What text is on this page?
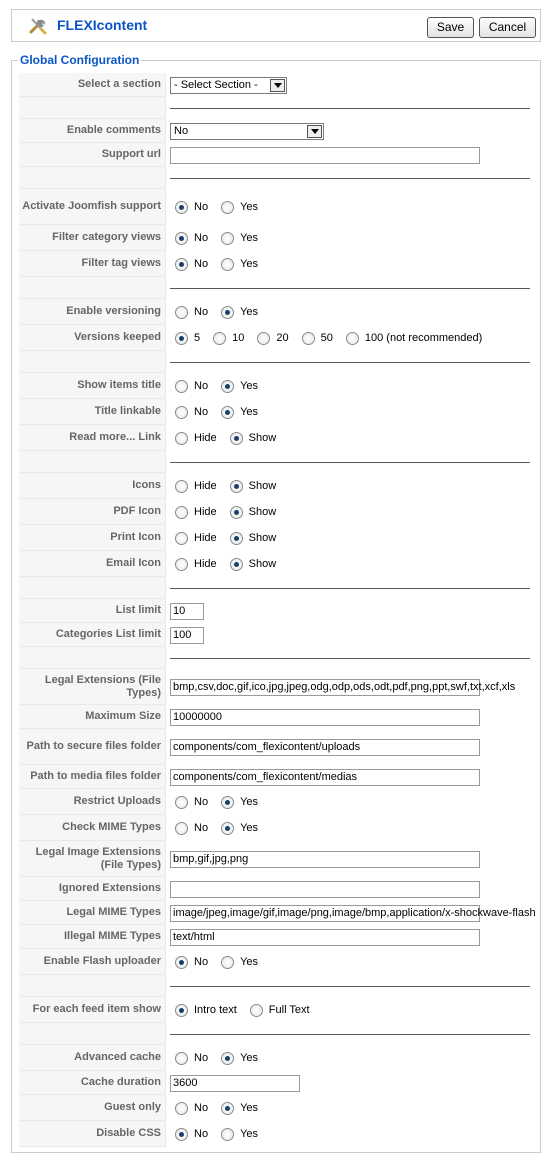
FLEXIcontent	Save	Cancel
Global Configuration
Select a section	- Select Section -
Enable comments	No
Support url
Activate Joomfish support	No	Yes
Filter category views	No	Yes
Filter tag views	No	Yes
Enable versioning	No	Yes
Versions keeped	5	10	20	50	100 (not recommended)
Show items title	No	Yes
Title linkable	No	Yes
Read more... Link	Hide	Show
Icons	Hide	Show
PDF Icon	Hide	Show
Print Icon	Hide	Show
Email Icon	Hide	Show
List limit	10
Categories List limit	100
Legal Extensions (File Types)	bmp,csv,doc,gif,ico,jpg,jpeg,odg,odp,ods,odt,pdf,png,ppt,swf,txt,xcf,xls
Maximum Size	10000000
Path to secure files folder	components/com_flexicontent/uploads
Path to media files folder	components/com_flexicontent/medias
Restrict Uploads	No	Yes
Check MIME Types	No	Yes
Legal Image Extensions (File Types)	bmp,gif,jpg,png
Ignored Extensions
Legal MIME Types	image/jpeg,image/gif,image/png,image/bmp,application/x-shockwave-flash
Illegal MIME Types	text/html
Enable Flash uploader	No	Yes
For each feed item show	Intro text	Full Text
Advanced cache	No	Yes
Cache duration	3600
Guest only	No	Yes
Disable CSS	No	Yes
